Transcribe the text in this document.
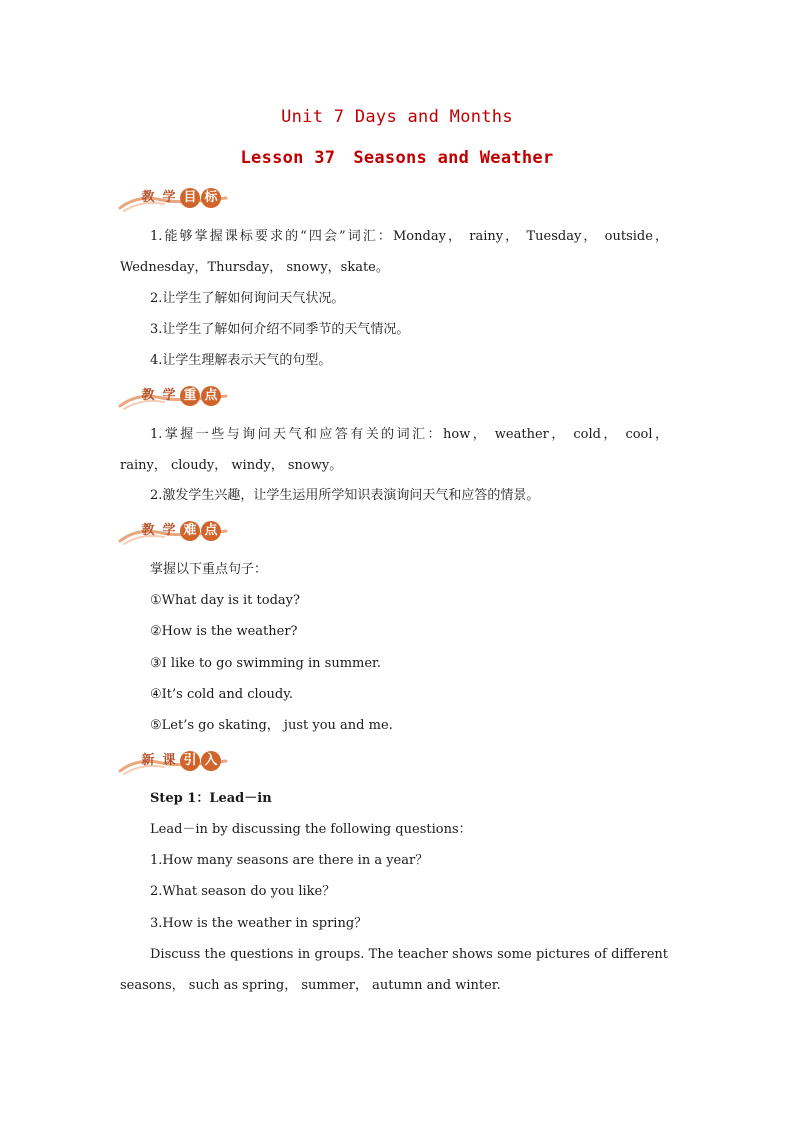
Unit 7 Days and Months
Lesson 37 Seasons and Weather
教 学 目 标
1.能够掌握课标要求的“四会”词汇：Monday， rainy， Tuesday， outside，
Wednesday，Thursday， snowy，skate。
2.让学生了解如何询问天气状况。
3.让学生了解如何介绍不同季节的天气情况。
4.让学生理解表示天气的句型。
教 学 重 点
1.掌握一些与询问天气和应答有关的词汇：how， weather， cold， cool，
rainy， cloudy， windy， snowy。
2.激发学生兴趣，让学生运用所学知识表演询问天气和应答的情景。
教 学 难 点
掌握以下重点句子：
①What day is it today?
②How is the weather?
③I like to go swimming in summer.
④It’s cold and cloudy.
⑤Let’s go skating， just you and me.
新 课 引 入
Step 1：Lead－in
Lead－in by discussing the following questions：
1.How many seasons are there in a year？
2.What season do you like？
3.How is the weather in spring？
Discuss the questions in groups. The teacher shows some pictures of different
seasons， such as spring， summer， autumn and winter.
